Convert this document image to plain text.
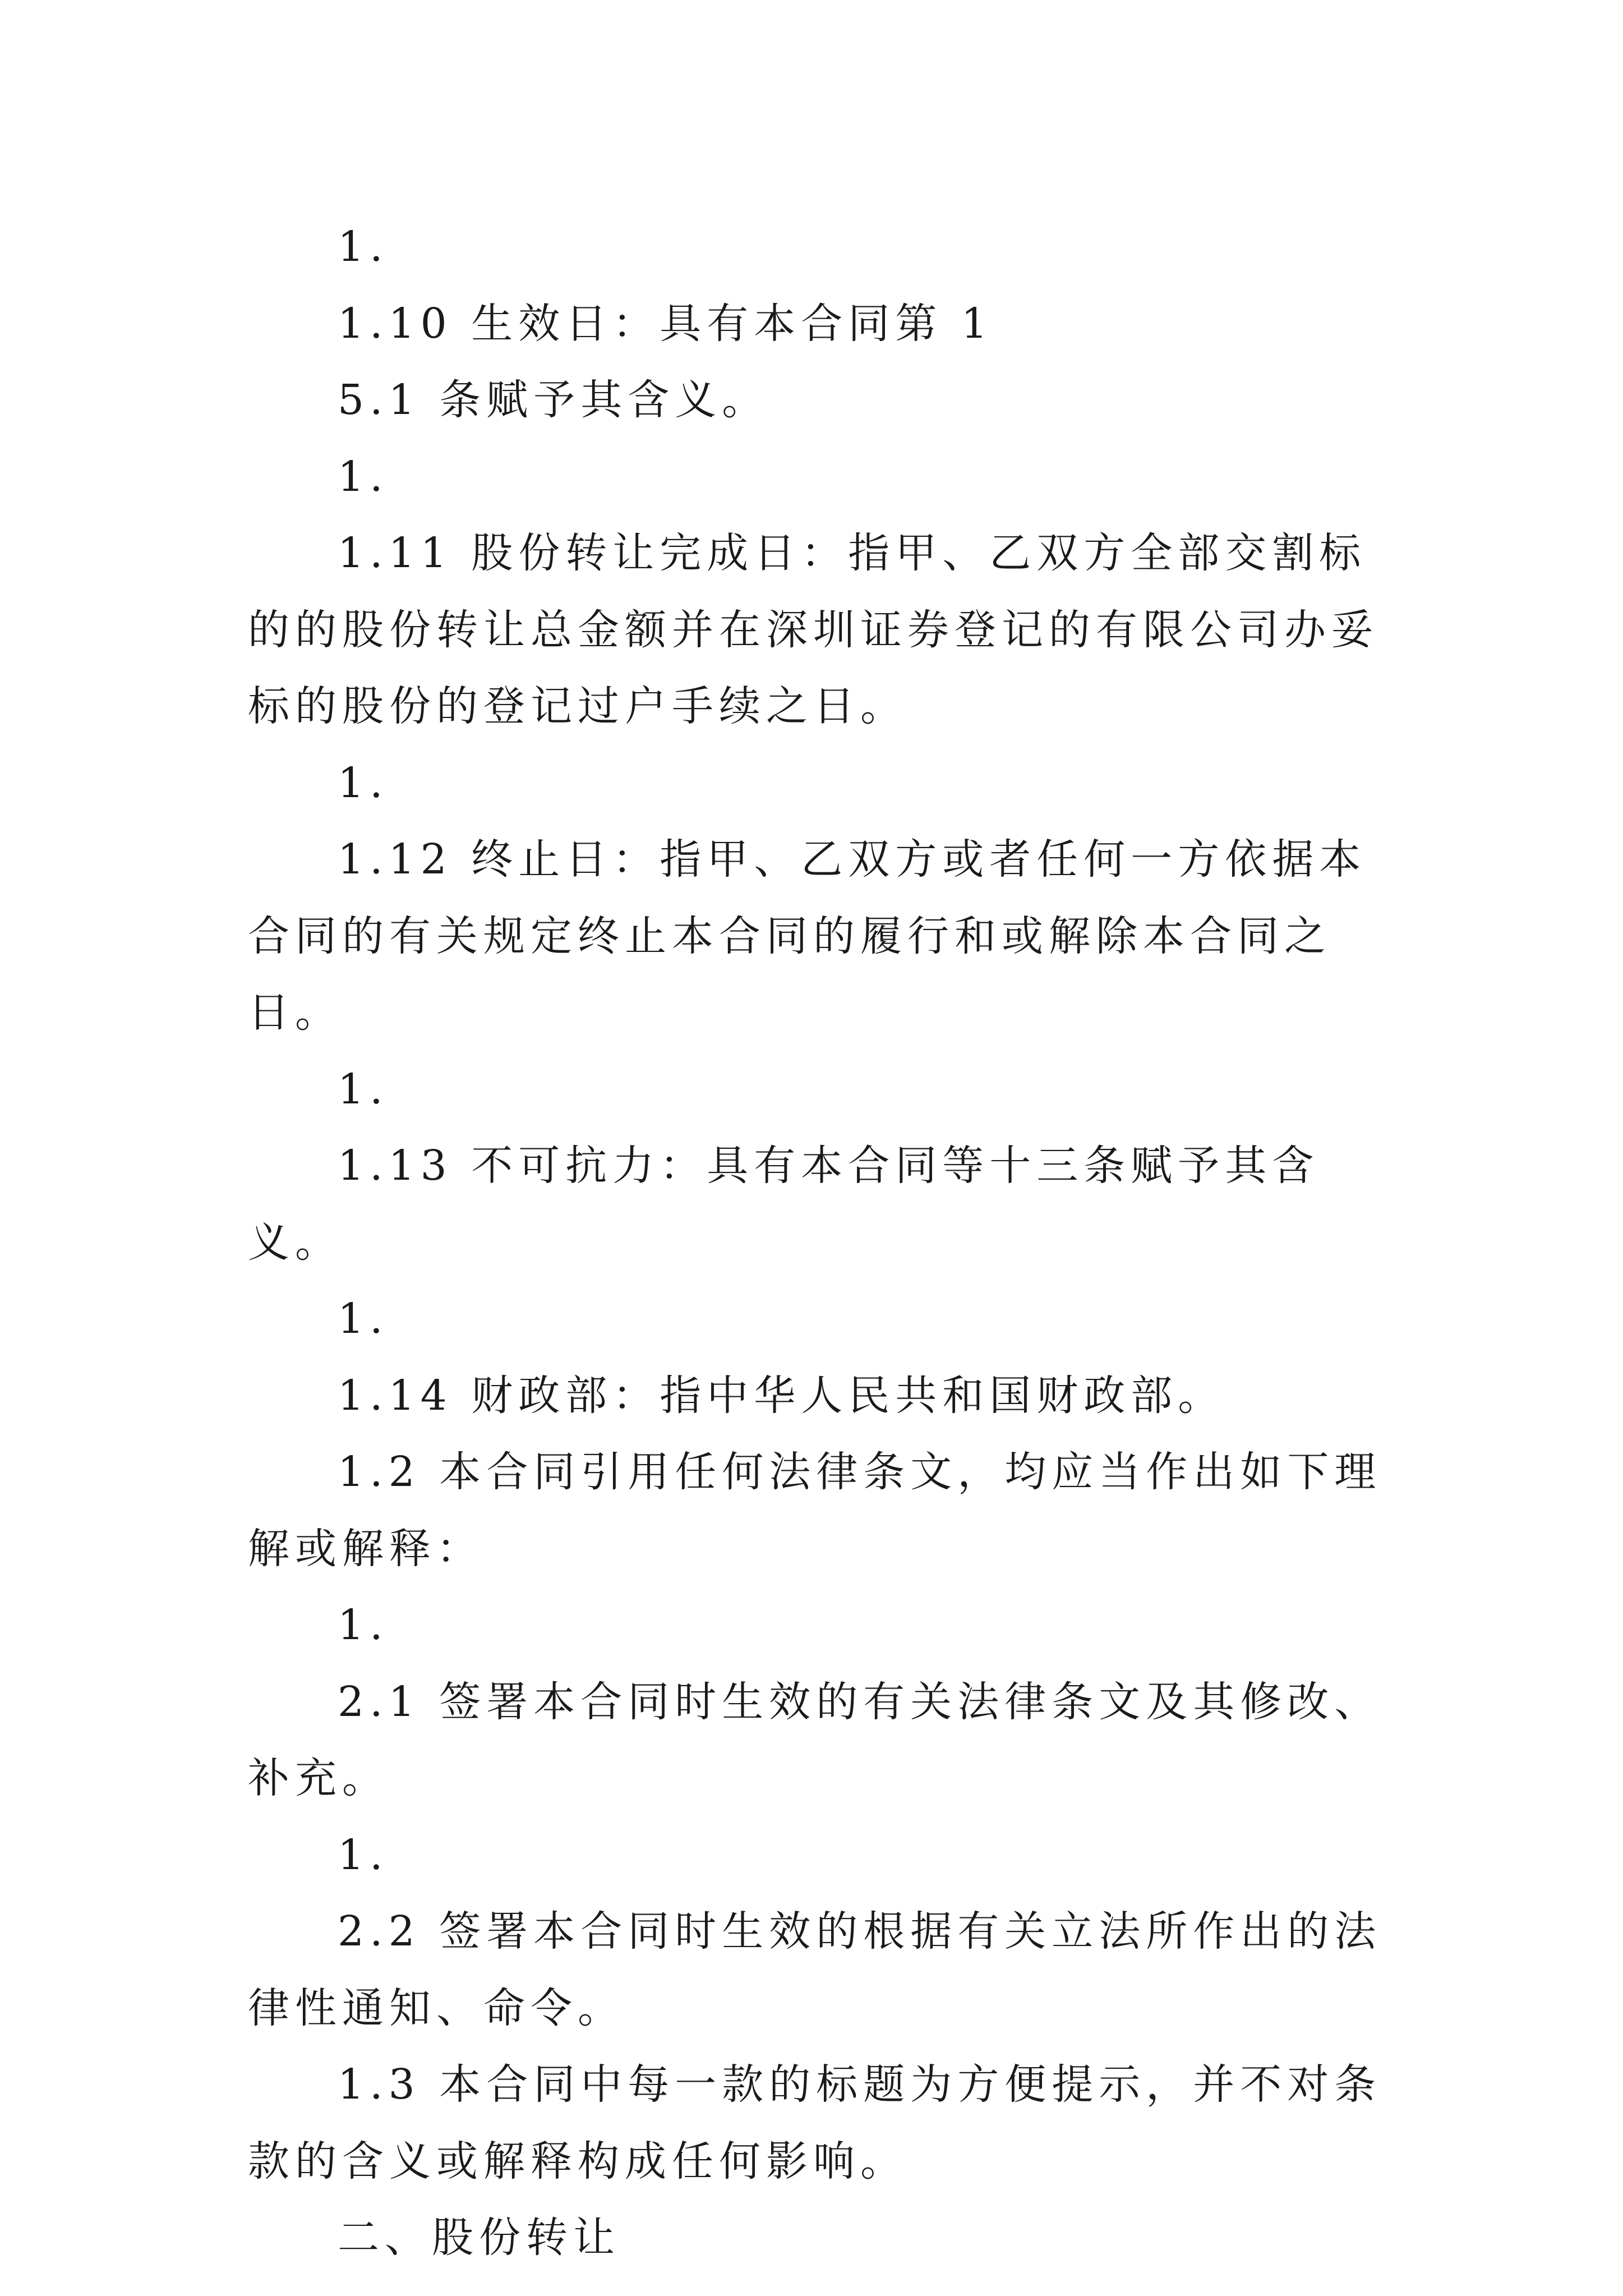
1.

1.10 生效日：具有本合同第 1

5.1 条赋予其含义。

1.

1.11 股份转让完成日：指甲、乙双方全部交割标的的股份转让总金额并在深圳证券登记的有限公司办妥标的股份的登记过户手续之日。

1.

1.12 终止日：指甲、乙双方或者任何一方依据本合同的有关规定终止本合同的履行和或解除本合同之日。

1.

1.13 不可抗力：具有本合同等十三条赋予其含义。

1.

1.14 财政部：指中华人民共和国财政部。

1.2 本合同引用任何法律条文，均应当作出如下理解或解释：

1.

2.1 签署本合同时生效的有关法律条文及其修改、补充。

1.

2.2 签署本合同时生效的根据有关立法所作出的法律性通知、命令。

1.3 本合同中每一款的标题为方便提示，并不对条款的含义或解释构成任何影响。

二、股份转让
